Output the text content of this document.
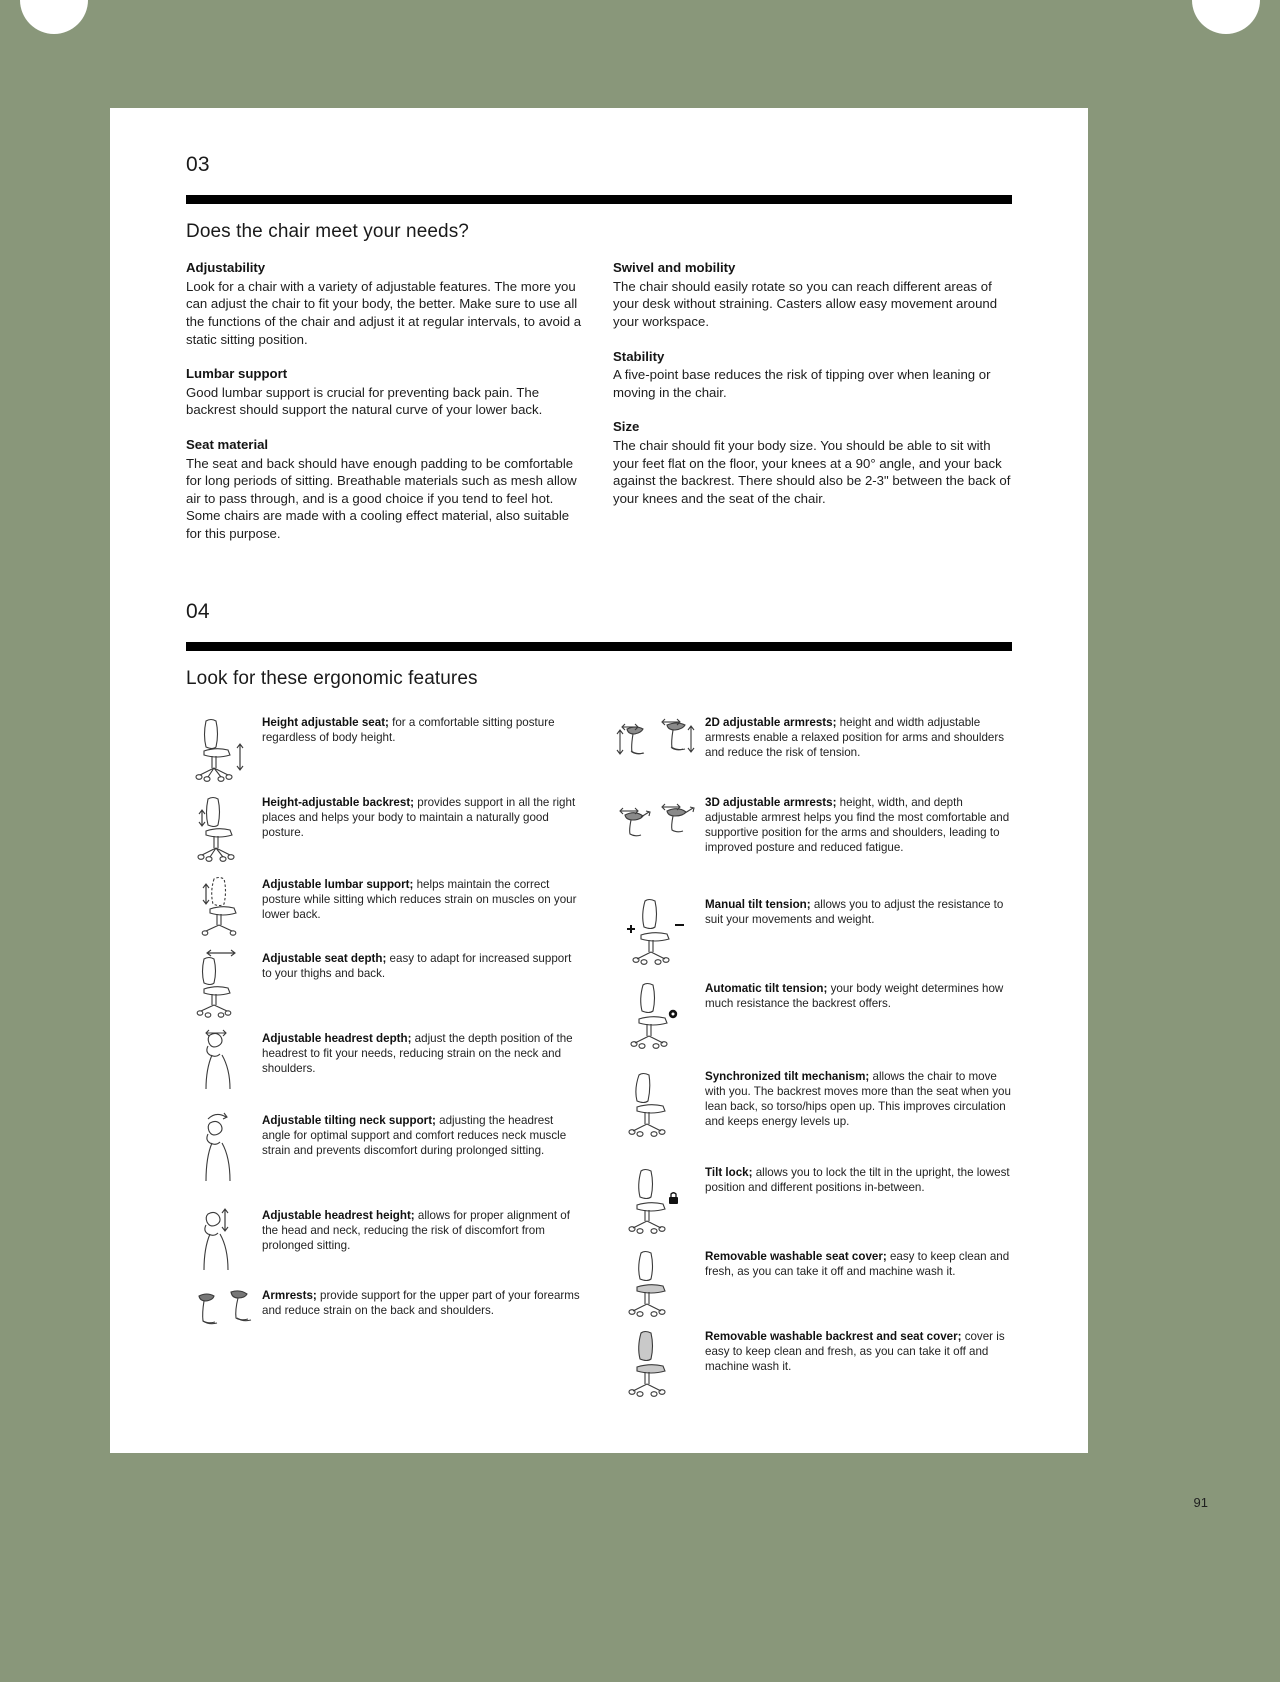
03
Does the chair meet your needs?
Adjustability

Look for a chair with a variety of adjustable features. The more you can adjust the chair to fit your body, the better. Make sure to use all the functions of the chair and adjust it at regular intervals, to avoid a static sitting position.

Lumbar support

Good lumbar support is crucial for preventing back pain. The backrest should support the natural curve of your lower back.

Seat material

The seat and back should have enough padding to be comfortable for long periods of sitting. Breathable materials such as mesh allow air to pass through, and is a good choice if you tend to feel hot. Some chairs are made with a cooling effect material, also suitable for this purpose.

Swivel and mobility

The chair should easily rotate so you can reach different areas of your desk without straining. Casters allow easy movement around your workspace.

Stability

A five-point base reduces the risk of tipping over when leaning or moving in the chair.

Size

The chair should fit your body size. You should be able to sit with your feet flat on the floor, your knees at a 90° angle, and your back against the backrest. There should also be 2-3" between the back of your knees and the seat of the chair.

04
Look for these ergonomic features
Height adjustable seat; for a comfortable sitting posture regardless of body height.
Height-adjustable backrest; provides support in all the right places and helps your body to maintain a naturally good posture.
Adjustable lumbar support; helps maintain the correct posture while sitting which reduces strain on muscles on your lower back.
Adjustable seat depth; easy to adapt for increased support to your thighs and back.
Adjustable headrest depth; adjust the depth position of the headrest to fit your needs, reducing strain on the neck and shoulders.
Adjustable tilting neck support; adjusting the headrest angle for optimal support and comfort reduces neck muscle strain and prevents discomfort during prolonged sitting.
Adjustable headrest height; allows for proper alignment of the head and neck, reducing the risk of discomfort from prolonged sitting.
Armrests; provide support for the upper part of your forearms and reduce strain on the back and shoulders.
2D adjustable armrests; height and width adjustable armrests enable a relaxed position for arms and shoulders and reduce the risk of tension.
3D adjustable armrests; height, width, and depth adjustable armrest helps you find the most comfortable and supportive position for the arms and shoulders, leading to improved posture and reduced fatigue.
Manual tilt tension; allows you to adjust the resistance to suit your movements and weight.
Automatic tilt tension; your body weight determines how much resistance the backrest offers.
Synchronized tilt mechanism; allows the chair to move with you. The backrest moves more than the seat when you lean back, so torso/hips open up. This improves circulation and keeps energy levels up.
Tilt lock; allows you to lock the tilt in the upright, the lowest position and different positions in-between.
Removable washable seat cover; easy to keep clean and fresh, as you can take it off and machine wash it.
Removable washable backrest and seat cover; cover is easy to keep clean and fresh, as you can take it off and machine wash it.
91
